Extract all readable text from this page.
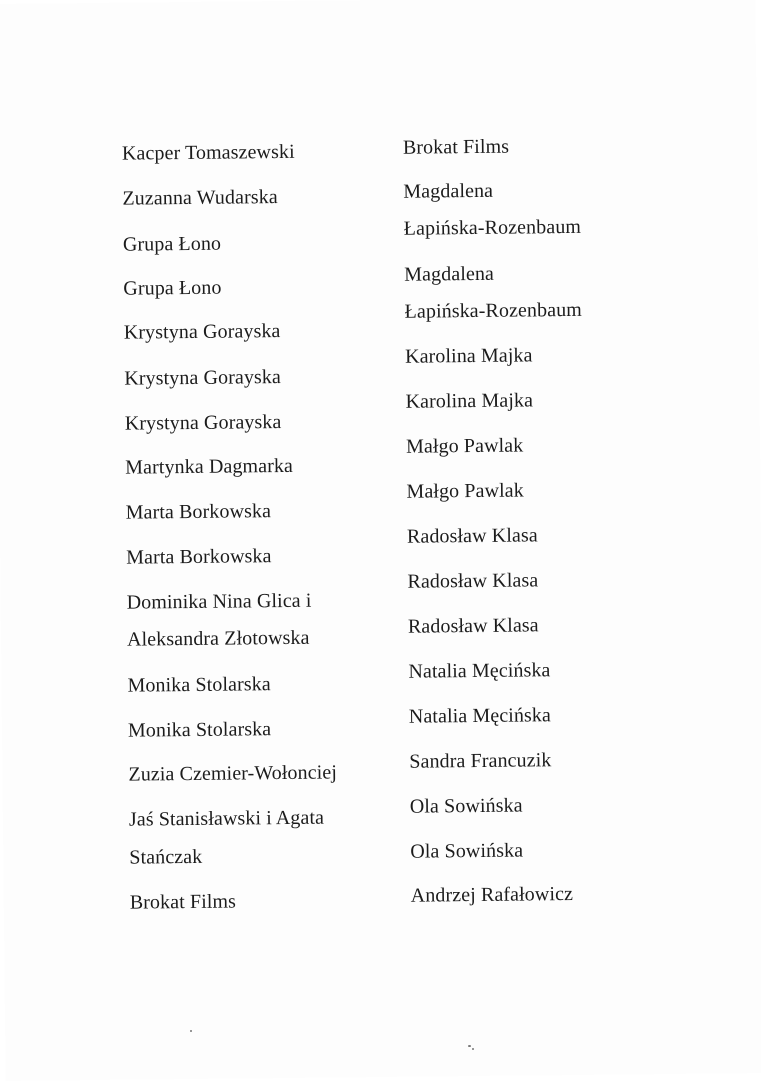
Kacper Tomaszewski
Zuzanna Wudarska
Grupa Łono
Grupa Łono
Krystyna Gorayska
Krystyna Gorayska
Krystyna Gorayska
Martynka Dagmarka
Marta Borkowska
Marta Borkowska
Dominika Nina Glica i
Aleksandra Złotowska
Monika Stolarska
Monika Stolarska
Zuzia Czemier-Wołonciej
Jaś Stanisławski i Agata
Stańczak
Brokat Films
Brokat Films
Magdalena
Łapińska-Rozenbaum
Magdalena
Łapińska-Rozenbaum
Karolina Majka
Karolina Majka
Małgo Pawlak
Małgo Pawlak
Radosław Klasa
Radosław Klasa
Radosław Klasa
Natalia Męcińska
Natalia Męcińska
Sandra Francuzik
Ola Sowińska
Ola Sowińska
Andrzej Rafałowicz
